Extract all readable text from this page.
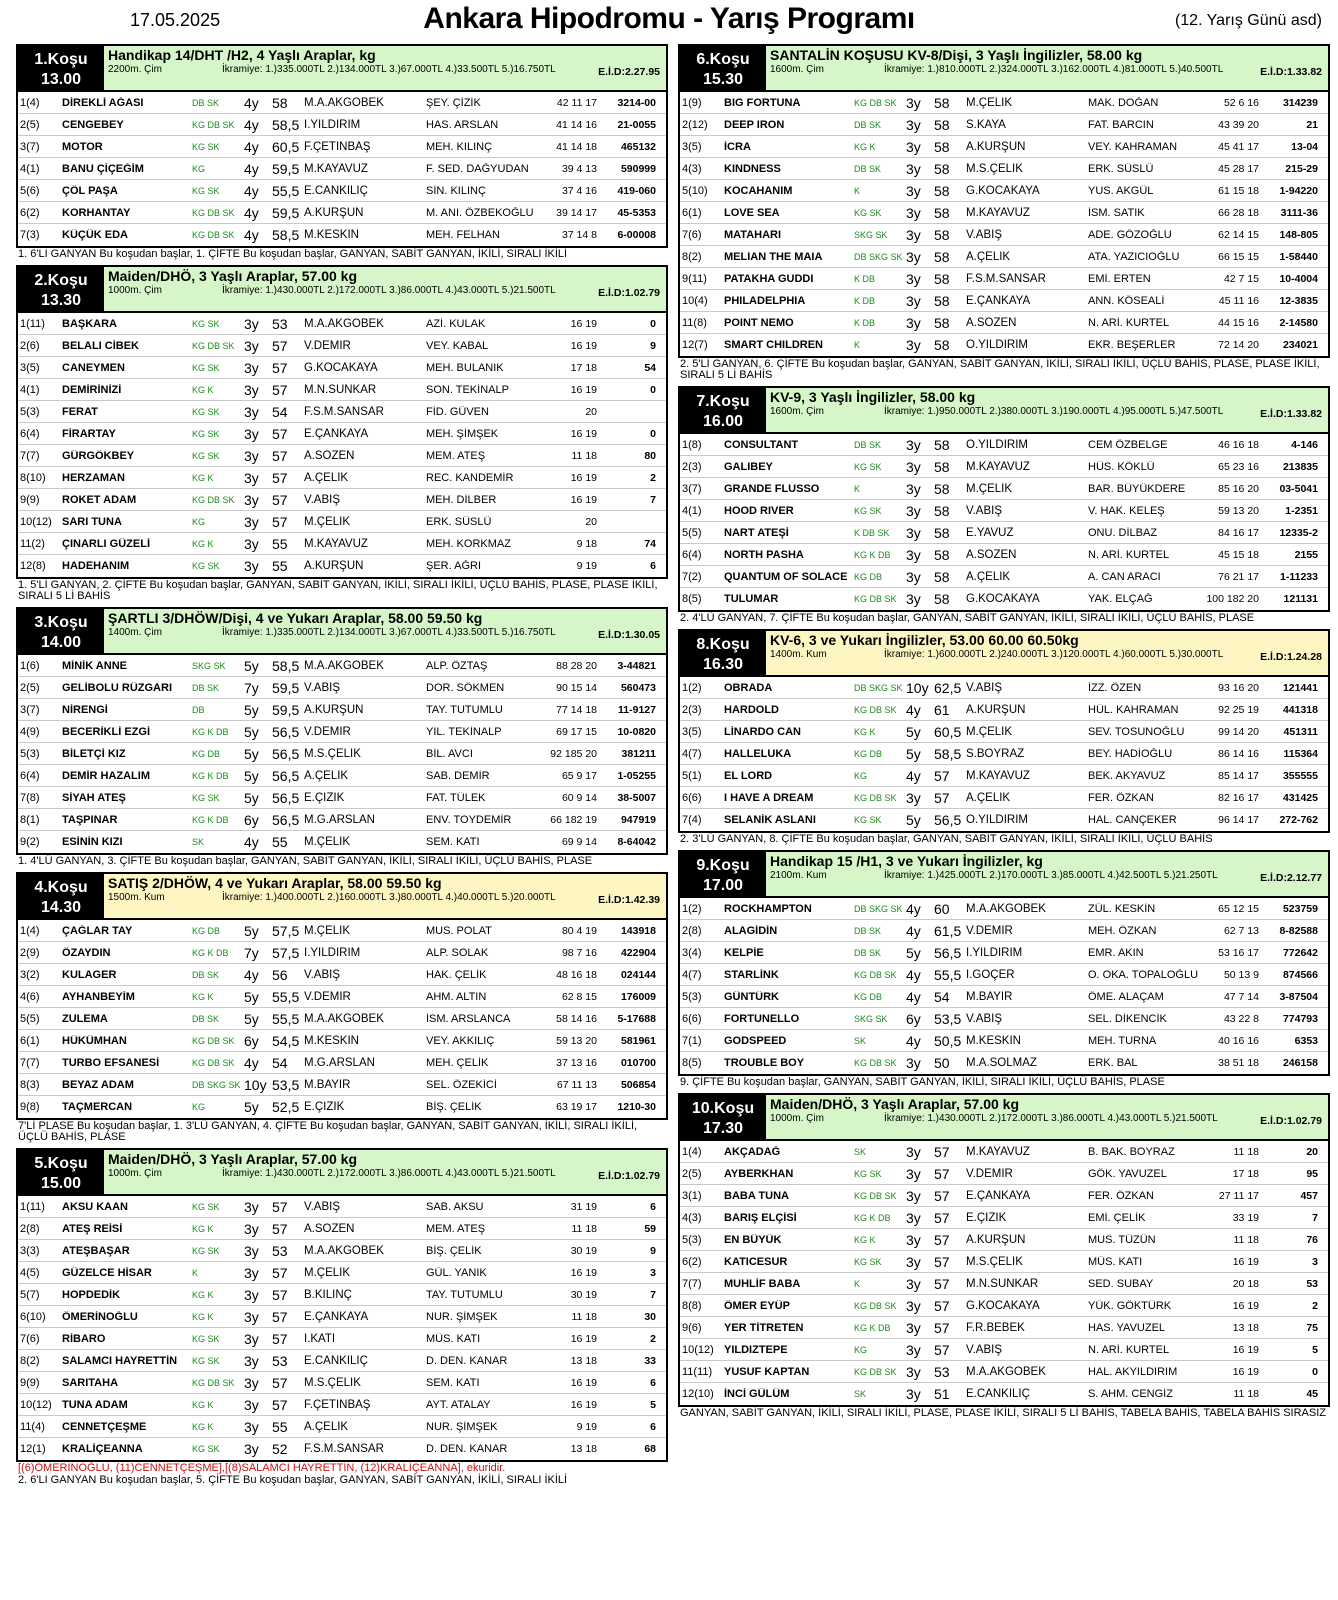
17.05.2025	Ankara Hipodromu - Yarış Programı	(12. Yarış Günü asd)
1.Koşu
13.00
Handikap 14/DHT /H2, 4 Yaşlı Araplar, kg
2200m. Çim	İkramiye: 1.)335.000TL 2.)134.000TL 3.)67.000TL 4.)33.500TL 5.)16.750TL	E.İ.D:2.27.95
1(4)	DİREKLİ AĞASI	DB SK	4y 58	M.A.AKGÖBEK	ŞEY. ÇİZİK	42 11 17	3214-00
2(5)	CENGEBEY	KG DB SK 4y 58,5 İ.YILDIRIM	HAS. ARSLAN	41 14 16	21-0055
3(7)	MOTOR	KG SK	4y 60,5 F.ÇETİNBAŞ	MEH. KILINÇ	41 14 18	465132
4(1)	BANU ÇİÇEĞİM	KG	4y 59,5 M.KAYAVUZ	F. SED. DAĞYUDAN	39 4 13	590999
5(6)	ÇÖL PAŞA	KG SK	4y 55,5 E.CANKILIÇ	SİN. KILINÇ	37 4 16	419-060
6(2)	KORHANTAY	KG DB SK 4y 59,5 A.KURŞUN	M. ANI. ÖZBEKOĞLU	39 14 17	45-5353
7(3)	KÜÇÜK EDA	KG DB SK 4y 58,5 M.KESKİN	MEH. FELHAN	37 14 8	6-00008
1. 6'LI GANYAN Bu koşudan başlar, 1. ÇİFTE Bu koşudan başlar, GANYAN, SABİT GANYAN, İKİLİ, SIRALI İKİLİ
2.Koşu
13.30
Maiden/DHÖ, 3 Yaşlı Araplar, 57.00 kg
1000m. Çim	İkramiye: 1.)430.000TL 2.)172.000TL 3.)86.000TL 4.)43.000TL 5.)21.500TL	E.İ.D:1.02.79
1(11)	BAŞKARA	KG SK	3y 53	M.A.AKGÖBEK	AZİ. KULAK	16 19	0
2(6)	BELALI CİBEK	KG DB SK 3y 57	V.DEMİR	VEY. KABAL	16 19	9
3(5)	CANEYMEN	KG SK	3y 57	G.KOCAKAYA	MEH. BULANIK	17 18	54
4(1)	DEMİRİNİZİ	KG K	3y 57	M.N.SUNKAR	SON. TEKİNALP	16 19	0
5(3)	FERAT	KG SK	3y 54	F.S.M.SANSAR	FİD. GÜVEN	20
6(4)	FİRARTAY	KG SK	3y 57	E.ÇANKAYA	MEH. ŞİMŞEK	16 19	0
7(7)	GÜRGÖKBEY	KG SK	3y 57	A.SÖZEN	MEM. ATEŞ	11 18	80
8(10)	HERZAMAN	KG K	3y 57	A.ÇELİK	REC. KANDEMİR	16 19	2
9(9)	ROKET ADAM	KG DB SK 3y 57	V.ABİŞ	MEH. DİLBER	16 19	7
10(12) SARI TUNA	KG	3y 57	M.ÇELİK	ERK. SÜSLÜ	20
11(2)	ÇINARLI GÜZELİ	KG K	3y 55	M.KAYAVUZ	MEH. KORKMAZ	9 18	74
12(8)	HADEHANIM	KG SK	3y 55	A.KURŞUN	ŞER. AĞRI	9 19	6
1. 5'Lİ GANYAN, 2. ÇİFTE Bu koşudan başlar, GANYAN, SABİT GANYAN, İKİLİ, SIRALI İKİLİ, ÜÇLÜ BAHİS, PLASE, PLASE İKİLİ, SIRALI 5 Lİ BAHİS
3.Koşu
14.00
ŞARTLI 3/DHÖW/Dişi, 4 ve Yukarı Araplar, 58.00 59.50 kg
1400m. Çim	İkramiye: 1.)335.000TL 2.)134.000TL 3.)67.000TL 4.)33.500TL 5.)16.750TL	E.İ.D:1.30.05
1(6)	MİNİK ANNE	SKG SK	5y 58,5 M.A.AKGÖBEK	ALP. ÖZTAŞ	88 28 20	3-44821
2(5)	GELİBOLU RÜZGARI	DB SK	7y 59,5 V.ABİŞ	DOR. SÖKMEN	90 15 14	560473
3(7)	NİRENGİ	DB	5y 59,5 A.KURŞUN	TAY. TUTUMLU	77 14 18	11-9127
4(9)	BECERİKLİ EZGİ	KG K DB	5y 56,5 V.DEMİR	YIL. TEKİNALP	69 17 15	10-0820
5(3)	BİLETÇİ KIZ	KG DB	5y 56,5 M.S.ÇELİK	BİL. AVCI	92 185 20	381211
6(4)	DEMİR HAZALIM	KG K DB	5y 56,5 A.ÇELİK	SAB. DEMİR	65 9 17	1-05255
7(8)	SİYAH ATEŞ	KG SK	5y 56,5 E.ÇİZİK	FAT. TÜLEK	60 9 14	38-5007
8(1)	TAŞPINAR	KG K DB	6y 56,5 M.G.ARSLAN	ENV. TOYDEMİR	66 182 19	947919
9(2)	ESİNİN KIZI	SK	4y 55	M.ÇELİK	SEM. KATI	69 9 14	8-64042
1. 4'LÜ GANYAN, 3. ÇİFTE Bu koşudan başlar, GANYAN, SABİT GANYAN, İKİLİ, SIRALI İKİLİ, ÜÇLÜ BAHİS, PLASE
4.Koşu
14.30
SATIŞ 2/DHÖW, 4 ve Yukarı Araplar, 58.00 59.50 kg
1500m. Kum	İkramiye: 1.)400.000TL 2.)160.000TL 3.)80.000TL 4.)40.000TL 5.)20.000TL	E.İ.D:1.42.39
1(4)	ÇAĞLAR TAY	KG DB	5y 57,5 M.ÇELİK	MUS. POLAT	80 4 19	143918
2(9)	ÖZAYDIN	KG K DB	7y 57,5 İ.YILDIRIM	ALP. SOLAK	98 7 16	422904
3(2)	KULAGER	DB SK	4y 56	V.ABİŞ	HAK. ÇELİK	48 16 18	024144
4(6)	AYHANBEYİM	KG K	5y 55,5 V.DEMİR	AHM. ALTIN	62 8 15	176009
5(5)	ZULEMA	DB SK	5y 55,5 M.A.AKGÖBEK	İSM. ARSLANCA	58 14 16	5-17688
6(1)	HÜKÜMHAN	KG DB SK 6y 54,5 M.KESKİN	VEY. AKKILIÇ	59 13 20	581961
7(7)	TURBO EFSANESİ	KG DB SK 4y 54	M.G.ARSLAN	MEH. ÇELİK	37 13 16	010700
8(3)	BEYAZ ADAM	DB SKG SK 10y 53,5 M.BAYIR	SEL. ÖZEKİCİ	67 11 13	506854
9(8)	TAÇMERCAN	KG	5y 52,5 E.ÇİZİK	BİŞ. ÇELİK	63 19 17	1210-30
7'Lİ PLASE Bu koşudan başlar, 1. 3'LÜ GANYAN, 4. ÇİFTE Bu koşudan başlar, GANYAN, SABİT GANYAN, İKİLİ, SIRALI İKİLİ, ÜÇLÜ BAHİS, PLASE
5.Koşu
15.00
Maiden/DHÖ, 3 Yaşlı Araplar, 57.00 kg
1000m. Çim	İkramiye: 1.)430.000TL 2.)172.000TL 3.)86.000TL 4.)43.000TL 5.)21.500TL	E.İ.D:1.02.79
1(11)	AKSU KAAN	KG SK	3y 57	V.ABİŞ	SAB. AKSU	31 19	6
2(8)	ATEŞ REİSİ	KG K	3y 57	A.SÖZEN	MEM. ATEŞ	11 18	59
3(3)	ATEŞBAŞAR	KG SK	3y 53	M.A.AKGÖBEK	BİŞ. ÇELİK	30 19	9
4(5)	GÜZELCE HİSAR	K	3y 57	M.ÇELİK	GÜL. YANIK	16 19	3
5(7)	HOPDEDİK	KG K	3y 57	B.KILINÇ	TAY. TUTUMLU	30 19	7
6(10)	ÖMERİNOĞLU	KG K	3y 57	E.ÇANKAYA	NUR. ŞİMŞEK	11 18	30
7(6)	RİBARO	KG SK	3y 57	İ.KATI	MÜS. KATI	16 19	2
8(2)	SALAMCI HAYRETTİN	KG SK	3y 53	E.CANKILIÇ	D. DEN. KANAR	13 18	33
9(9)	SARITAHA	KG DB SK 3y 57	M.S.ÇELİK	SEM. KATI	16 19	6
10(12) TUNA ADAM	KG K	3y 57	F.ÇETİNBAŞ	AYT. ATALAY	16 19	5
11(4)	CENNETÇEŞME	KG K	3y 55	A.ÇELİK	NUR. ŞİMŞEK	9 19	6
12(1)	KRALİÇEANNA	KG SK	3y 52	F.S.M.SANSAR	D. DEN. KANAR	13 18	68
[(6)ÖMERİNOĞLU, (11)CENNETÇEŞME],[(8)SALAMCI HAYRETTİN, (12)KRALİÇEANNA], ekuridir.
2. 6'LI GANYAN Bu koşudan başlar, 5. ÇİFTE Bu koşudan başlar, GANYAN, SABİT GANYAN, İKİLİ, SIRALI İKİLİ
6.Koşu
15.30
SANTALİN KOŞUSU KV-8/Dişi, 3 Yaşlı İngilizler, 58.00 kg
1600m. Çim	İkramiye: 1.)810.000TL 2.)324.000TL 3.)162.000TL 4.)81.000TL 5.)40.500TL	E.İ.D:1.33.82
1(9)	BIG FORTUNA	KG DB SK 3y 58	M.ÇELİK	MAK. DOĞAN	52 6 16	314239
2(12)	DEEP IRON	DB SK	3y 58	S.KAYA	FAT. BARCIN	43 39 20	21
3(5)	İCRA	KG K	3y 58	A.KURŞUN	VEY. KAHRAMAN	45 41 17	13-04
4(3)	KINDNESS	DB SK	3y 58	M.S.ÇELİK	ERK. SÜSLÜ	45 28 17	215-29
5(10)	KOCAHANIM	K	3y 58	G.KOCAKAYA	YUS. AKGÜL	61 15 18	1-94220
6(1)	LOVE SEA	KG SK	3y 58	M.KAYAVUZ	İSM. SATIK	66 28 18	3111-36
7(6)	MATAHARI	SKG SK	3y 58	V.ABİŞ	ADE. GÖZOĞLU	62 14 15	148-805
8(2)	MELIAN THE MAIA	DB SKG SK 3y 58	A.ÇELİK	ATA. YAZICIOĞLU	66 15 15	1-58440
9(11)	PATAKHA GUDDI	K DB	3y 58	F.S.M.SANSAR	EMİ. ERTEN	42 7 15	10-4004
10(4)	PHILADELPHIA	K DB	3y 58	E.ÇANKAYA	ANN. KÖSEALİ	45 11 16	12-3835
11(8)	POINT NEMO	K DB	3y 58	A.SÖZEN	N. ARİ. KURTEL	44 15 16	2-14580
12(7)	SMART CHILDREN	K	3y 58	Ö.YILDIRIM	EKR. BEŞERLER	72 14 20	234021
2. 5'Lİ GANYAN, 6. ÇİFTE Bu koşudan başlar, GANYAN, SABİT GANYAN, İKİLİ, SIRALI İKİLİ, ÜÇLÜ BAHİS, PLASE, PLASE İKİLİ, SIRALI 5 Lİ BAHİS
7.Koşu
16.00
KV-9, 3 Yaşlı İngilizler, 58.00 kg
1600m. Çim	İkramiye: 1.)950.000TL 2.)380.000TL 3.)190.000TL 4.)95.000TL 5.)47.500TL	E.İ.D:1.33.82
1(8)	CONSULTANT	DB SK	3y 58	Ö.YILDIRIM	CEM ÖZBELGE	46 16 18	4-146
2(3)	GALIBEY	KG SK	3y 58	M.KAYAVUZ	HÜS. KÖKLÜ	65 23 16	213835
3(7)	GRANDE FLUSSO	K	3y 58	M.ÇELİK	BAR. BÜYÜKDERE	85 16 20	03-5041
4(1)	HOOD RIVER	KG SK	3y 58	V.ABİŞ	V. HAK. KELEŞ	59 13 20	1-2351
5(5)	NART ATEŞİ	K DB SK	3y 58	E.YAVUZ	ONU. DİLBAZ	84 16 17	12335-2
6(4)	NORTH PASHA	KG K DB	3y 58	A.SÖZEN	N. ARİ. KURTEL	45 15 18	2155
7(2)	QUANTUM OF SOLACE KG DB	3y 58	A.ÇELİK	A. CAN ARACI	76 21 17	1-11233
8(5)	TULUMAR	KG DB SK 3y 58	G.KOCAKAYA	YAK. ELÇAĞ	100 182 20	121131
2. 4'LÜ GANYAN, 7. ÇİFTE Bu koşudan başlar, GANYAN, SABİT GANYAN, İKİLİ, SIRALI İKİLİ, ÜÇLÜ BAHİS, PLASE
8.Koşu
16.30
KV-6, 3 ve Yukarı İngilizler, 53.00 60.00 60.50kg
1400m. Kum	İkramiye: 1.)600.000TL 2.)240.000TL 3.)120.000TL 4.)60.000TL 5.)30.000TL	E.İ.D:1.24.28
1(2)	OBRADA	DB SKG SK 10y 62,5 V.ABİŞ	İZZ. ÖZEN	93 16 20	121441
2(3)	HARDOLD	KG DB SK 4y 61	A.KURŞUN	HÜL. KAHRAMAN	92 25 19	441318
3(5)	LİNARDO CAN	KG K	5y 60,5 M.ÇELİK	SEV. TOSUNOĞLU	99 14 20	451311
4(7)	HALLELUKA	KG DB	5y 58,5 S.BOYRAZ	BEY. HADİOĞLU	86 14 16	115364
5(1)	EL LORD	KG	4y 57	M.KAYAVUZ	BEK. AKYAVUZ	85 14 17	355555
6(6)	I HAVE A DREAM	KG DB SK 3y 57	A.ÇELİK	FER. ÖZKAN	82 16 17	431425
7(4)	SELANİK ASLANI	KG SK	5y 56,5 Ö.YILDIRIM	HAL. CANÇEKER	96 14 17	272-762
2. 3'LÜ GANYAN, 8. ÇİFTE Bu koşudan başlar, GANYAN, SABİT GANYAN, İKİLİ, SIRALI İKİLİ, ÜÇLÜ BAHİS
9.Koşu
17.00
Handikap 15 /H1, 3 ve Yukarı İngilizler, kg
2100m. Kum	İkramiye: 1.)425.000TL 2.)170.000TL 3.)85.000TL 4.)42.500TL 5.)21.250TL	E.İ.D:2.12.77
1(2)	ROCKHAMPTON	DB SKG SK 4y 60	M.A.AKGÖBEK	ZÜL. KESKİN	65 12 15	523759
2(8)	ALAGİDİN	DB SK	4y 61,5 V.DEMİR	MEH. ÖZKAN	62 7 13	8-82588
3(4)	KELPİE	DB SK	5y 56,5 İ.YILDIRIM	EMR. AKIN	53 16 17	772642
4(7)	STARLİNK	KG DB SK 4y 55,5 İ.GÖÇER	O. OKA. TOPALOĞLU	50 13 9	874566
5(3)	GÜNTÜRK	KG DB	4y 54	M.BAYIR	ÖME. ALAÇAM	47 7 14	3-87504
6(6)	FORTUNELLO	SKG SK	6y 53,5 V.ABİŞ	SEL. DİKENCİK	43 22 8	774793
7(1)	GODSPEED	SK	4y 50,5 M.KESKİN	MEH. TURNA	40 16 16	6353
8(5)	TROUBLE BOY	KG DB SK 3y 50	M.A.SOLMAZ	ERK. BAL	38 51 18	246158
9. ÇİFTE Bu koşudan başlar, GANYAN, SABİT GANYAN, İKİLİ, SIRALI İKİLİ, ÜÇLÜ BAHİS, PLASE
10.Koşu
17.30
Maiden/DHÖ, 3 Yaşlı Araplar, 57.00 kg
1000m. Çim	İkramiye: 1.)430.000TL 2.)172.000TL 3.)86.000TL 4.)43.000TL 5.)21.500TL	E.İ.D:1.02.79
1(4)	AKÇADAĞ	SK	3y 57	M.KAYAVUZ	B. BAK. BOYRAZ	11 18	20
2(5)	AYBERKHAN	KG SK	3y 57	V.DEMİR	GÖK. YAVUZEL	17 18	95
3(1)	BABA TUNA	KG DB SK 3y 57	E.ÇANKAYA	FER. ÖZKAN	27 11 17	457
4(3)	BARIŞ ELÇİSİ	KG K DB	3y 57	E.ÇİZİK	EMİ. ÇELİK	33 19	7
5(3)	EN BÜYÜK	KG K	3y 57	A.KURŞUN	MUS. TÜZÜN	11 18	76
6(2)	KATICESUR	KG SK	3y 57	M.S.ÇELİK	MÜS. KATI	16 19	3
7(7)	MUHLİF BABA	K	3y 57	M.N.SUNKAR	SED. SUBAY	20 18	53
8(8)	ÖMER EYÜP	KG DB SK 3y 57	G.KOCAKAYA	YÜK. GÖKTÜRK	16 19	2
9(6)	YER TİTRETEN	KG K DB	3y 57	F.R.BEBEK	HAS. YAVUZEL	13 18	75
10(12) YILDIZTEPE	KG	3y 57	V.ABİŞ	N. ARİ. KURTEL	16 19	5
11(11)	YUSUF KAPTAN	KG DB SK 3y 53	M.A.AKGÖBEK	HAL. AKYILDIRIM	16 19	0
12(10) İNCİ GÜLÜM	SK	3y 51	E.CANKILIÇ	S. AHM. CENGİZ	11 18	45
GANYAN, SABİT GANYAN, İKİLİ, SIRALI İKİLİ, PLASE, PLASE İKİLİ, SIRALI 5 Lİ BAHİS, TABELA BAHİS, TABELA BAHİS SIRASIZ
